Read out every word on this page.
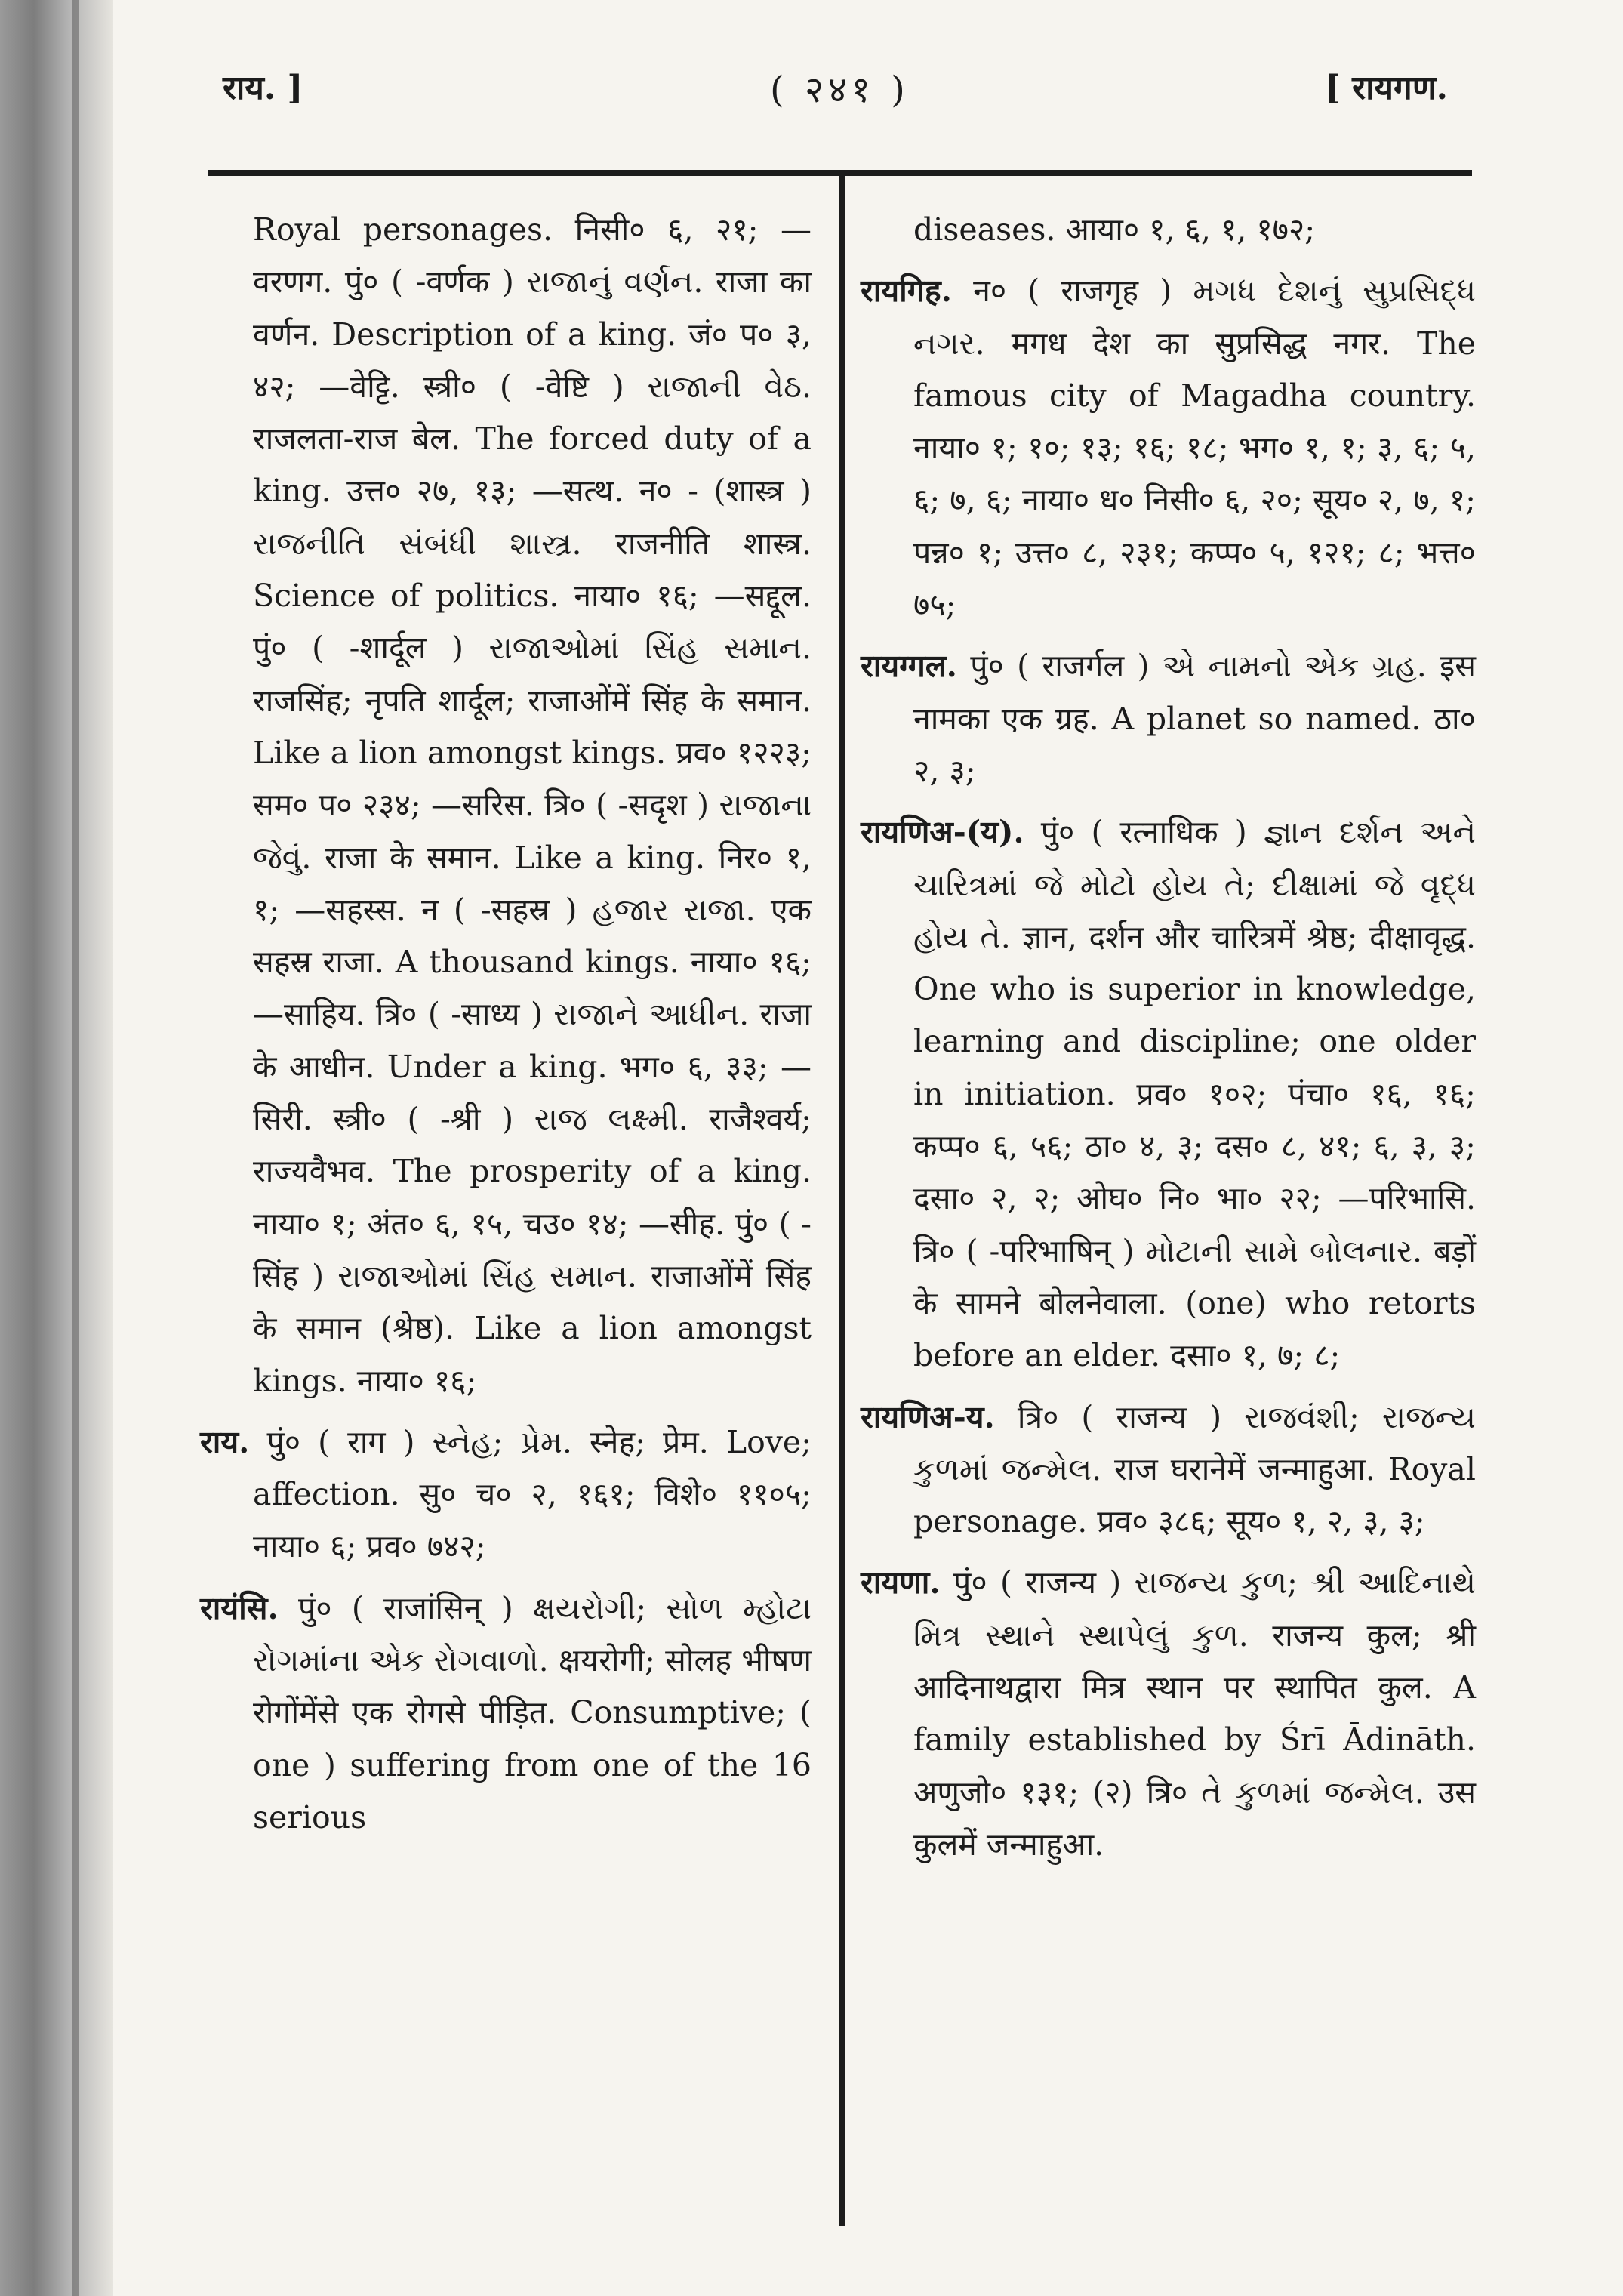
राय. ]	( २४१ )	[ रायगण.

Royal personages. निसी० ६, २१; —वरणग. पुं० ( -वर्णक ) રાજાનું વર્ણન. राजा का वर्णन. Description of a king. जं० प० ३, ४२; —वेट्टि. स्त्री० ( -वेष्टि ) રાજાની વેઠ. राजलता-राज बेल. The forced duty of a king. उत्त० २७, १३; —सत्थ. न० - (शास्त्र ) રાજનીતિ સંબંધી શાસ્ત્ર. राजनीति शास्त्र. Science of politics. नाया० १६; —सद्दूल. पुं० ( -शार्दूल ) રાજાઓમાં સિંહ સમાન. राजसिंह; नृपति शार्दूल; राजाओंमें सिंह के समान. Like a lion amongst kings. प्रव० १२२३; सम० प० २३४; —सरिस. त्रि० ( -सदृश ) રાજાના જેવું. राजा के समान. Like a king. निर० १, १; —सहस्स. न ( -सहस्र ) હજાર રાજા. एक सहस्र राजा. A thousand kings. नाया० १६; —साहिय. त्रि० ( -साध्य ) રાજાને આધીન. राजा के आधीन. Under a king. भग० ६, ३३; —सिरी. स्त्री० ( -श्री ) રાજ લક્ષ્મી. राजैश्वर्य; राज्यवैभव. The prosperity of a king. नाया० १; अंत० ६, १५, चउ० १४; —सीह. पुं० ( -सिंह ) રાજાઓમાં સિંહ સમાન. राजाओंमें सिंह के समान (श्रेष्ठ). Like a lion amongst kings. नाया० १६;

राय. पुं० ( राग ) સ્નેહ; પ્રેમ. स्नेह; प्रेम. Love; affection. सु० च० २, १६१; विशे० ११०५; नाया० ६; प्रव० ७४२;

रायंसि. पुं० ( राजांसिन् ) ક્ષયરોગી; સોળ મ્હોટા રોગમાંના એક રોગવાળો. क्षयरोगी; सोलह भीषण रोगोंमेंसे एक रोगसे पीड़ित. Consumptive; ( one ) suffering from one of the 16 serious

diseases. आया० १, ६, १, १७२;

रायगिह. न० ( राजगृह ) મગધ દેશનું સુપ્રસિદ્ધ નગર. मगध देश का सुप्रसिद्ध नगर. The famous city of Magadha country. नाया० १; १०; १३; १६; १८; भग० १, १; ३, ६; ५, ६; ७, ६; नाया० ध० निसी० ६, २०; सूय० २, ७, १; पन्न० १; उत्त० ८, २३१; कप्प० ५, १२१; ८; भत्त० ७५;

रायग्गल. पुं० ( राजर्गल ) એ નામનો એક ગ્રહ. इस नामका एक ग्रह. A planet so named. ठा० २, ३;

रायणिअ-(य). पुं० ( रत्नाधिक ) જ્ઞાન દર્શન અને ચારિત્રમાં જે મોટો હોય તે; દીક્ષામાં જે વૃદ્ધ હોય તે. ज्ञान, दर्शन और चारित्रमें श्रेष्ठ; दीक्षावृद्ध. One who is superior in knowledge, learning and discipline; one older in initiation. प्रव० १०२; पंचा० १६, १६; कप्प० ६, ५६; ठा० ४, ३; दस० ८, ४१; ६, ३, ३; दसा० २, २; ओघ० नि० भा० २२; —परिभासि. त्रि० ( -परिभाषिन् ) મોટાની સામે બોલનાર. बड़ों के सामने बोलनेवाला. (one) who retorts before an elder. दसा० १, ७; ८;

रायणिअ-य. त्रि० ( राजन्य ) રાજવંશી; રાજન્ય કુળમાં જન્મેલ. राज घरानेमें जन्माहुआ. Royal personage. प्रव० ३८६; सूय० १, २, ३, ३;

रायणा. पुं० ( राजन्य ) રાજન્ય કુળ; શ્રી આદિનાથે મિત્ર સ્થાને સ્થાપેલું કુળ. राजन्य कुल; श्री आदिनाथद्वारा मित्र स्थान पर स्थापित कुल. A family established by Śrī Ādināth. अणुजो० १३१; (२) त्रि० તે કુળમાં જન્મેલ. उस कुलमें जन्माहुआ.
